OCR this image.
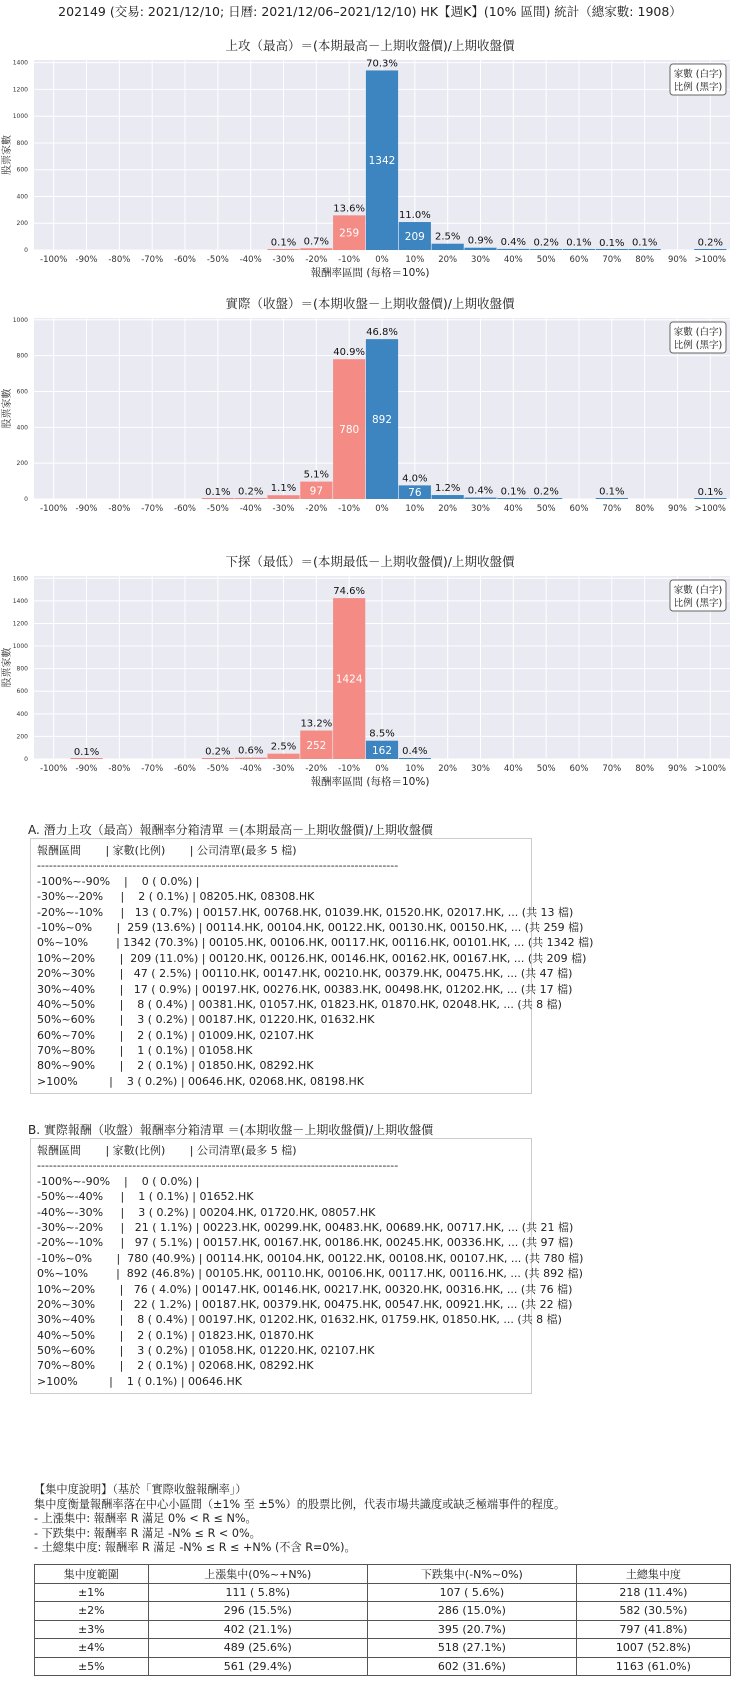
202149 (交易: 2021/12/10; 日曆: 2021/12/06–2021/12/10) HK【週K】(10% 區間) 統計（總家數: 1908）
上攻（最高）＝(本期最高－上期收盤價)/上期收盤價
0
200
400
600
800
1000
1200
1400
-100% -90% -80% -70% -60% -50% -40%
0.1%
-30%
0.7%
-20%
259
13.6%
-10%
1342
70.3%
0%
209
11.0%
10%
2.5%
20%
0.9%
30%
0.4%
40%
0.2%
50%
0.1%
60%
0.1%
70%
0.1%
80% 90%
0.2%
>100%
股票家數
報酬率區間 (每格＝10%)
家數 (白字)
比例 (黑字)
實際（收盤）＝(本期收盤－上期收盤價)/上期收盤價
0
200
400
600
800
1000
-100% -90% -80% -70% -60%
0.1%
-50%
0.2%
-40%
1.1%
-30%
97
5.1%
-20%
780
40.9%
-10%
892
46.8%
0%
76
4.0%
10%
1.2%
20%
0.4%
30%
0.1%
40%
0.2%
50% 60%
0.1%
70% 80% 90%
0.1%
>100%
股票家數
家數 (白字)
比例 (黑字)
下探（最低）＝(本期最低－上期收盤價)/上期收盤價
0
200
400
600
800
1000
1200
1400
1600
-100%
0.1%
-90% -80% -70% -60%
0.2%
-50%
0.6%
-40%
2.5%
-30%
252
13.2%
-20%
1424
74.6%
-10%
162
8.5%
0%
0.4%
10% 20% 30% 40% 50% 60% 70% 80% 90% >100%
股票家數
報酬率區間 (每格＝10%)
家數 (白字)
比例 (黑字)
A. 潛力上攻（最高）報酬率分箱清單 ＝(本期最高－上期收盤價)/上期收盤價
報酬區間       | 家數(比例)       | 公司清單(最多 5 檔)
-------------------------------------------------------------------------------------------
-100%~-90%    |    0 ( 0.0%) |
-30%~-20%     |    2 ( 0.1%) | 08205.HK, 08308.HK
-20%~-10%     |   13 ( 0.7%) | 00157.HK, 00768.HK, 01039.HK, 01520.HK, 02017.HK, ... (共 13 檔)
-10%~0%       |  259 (13.6%) | 00114.HK, 00104.HK, 00122.HK, 00130.HK, 00150.HK, ... (共 259 檔)
0%~10%        | 1342 (70.3%) | 00105.HK, 00106.HK, 00117.HK, 00116.HK, 00101.HK, ... (共 1342 檔)
10%~20%       |  209 (11.0%) | 00120.HK, 00126.HK, 00146.HK, 00162.HK, 00167.HK, ... (共 209 檔)
20%~30%       |   47 ( 2.5%) | 00110.HK, 00147.HK, 00210.HK, 00379.HK, 00475.HK, ... (共 47 檔)
30%~40%       |   17 ( 0.9%) | 00197.HK, 00276.HK, 00383.HK, 00498.HK, 01202.HK, ... (共 17 檔)
40%~50%       |    8 ( 0.4%) | 00381.HK, 01057.HK, 01823.HK, 01870.HK, 02048.HK, ... (共 8 檔)
50%~60%       |    3 ( 0.2%) | 00187.HK, 01220.HK, 01632.HK
60%~70%       |    2 ( 0.1%) | 01009.HK, 02107.HK
70%~80%       |    1 ( 0.1%) | 01058.HK
80%~90%       |    2 ( 0.1%) | 01850.HK, 08292.HK
>100%         |    3 ( 0.2%) | 00646.HK, 02068.HK, 08198.HK
B. 實際報酬（收盤）報酬率分箱清單 ＝(本期收盤－上期收盤價)/上期收盤價
報酬區間       | 家數(比例)       | 公司清單(最多 5 檔)
-------------------------------------------------------------------------------------------
-100%~-90%    |    0 ( 0.0%) |
-50%~-40%     |    1 ( 0.1%) | 01652.HK
-40%~-30%     |    3 ( 0.2%) | 00204.HK, 01720.HK, 08057.HK
-30%~-20%     |   21 ( 1.1%) | 00223.HK, 00299.HK, 00483.HK, 00689.HK, 00717.HK, ... (共 21 檔)
-20%~-10%     |   97 ( 5.1%) | 00157.HK, 00167.HK, 00186.HK, 00245.HK, 00336.HK, ... (共 97 檔)
-10%~0%       |  780 (40.9%) | 00114.HK, 00104.HK, 00122.HK, 00108.HK, 00107.HK, ... (共 780 檔)
0%~10%        |  892 (46.8%) | 00105.HK, 00110.HK, 00106.HK, 00117.HK, 00116.HK, ... (共 892 檔)
10%~20%       |   76 ( 4.0%) | 00147.HK, 00146.HK, 00217.HK, 00320.HK, 00316.HK, ... (共 76 檔)
20%~30%       |   22 ( 1.2%) | 00187.HK, 00379.HK, 00475.HK, 00547.HK, 00921.HK, ... (共 22 檔)
30%~40%       |    8 ( 0.4%) | 00197.HK, 01202.HK, 01632.HK, 01759.HK, 01850.HK, ... (共 8 檔)
40%~50%       |    2 ( 0.1%) | 01823.HK, 01870.HK
50%~60%       |    3 ( 0.2%) | 01058.HK, 01220.HK, 02107.HK
70%~80%       |    2 ( 0.1%) | 02068.HK, 08292.HK
>100%         |    1 ( 0.1%) | 00646.HK
【集中度說明】（基於「實際收盤報酬率」）
集中度衡量報酬率落在中心小區間（±1% 至 ±5%）的股票比例，代表市場共識度或缺乏極端事件的程度。
- 上漲集中: 報酬率 R 滿足 0% < R ≤ N%。
- 下跌集中: 報酬率 R 滿足 -N% ≤ R < 0%。
- 土總集中度: 報酬率 R 滿足 -N% ≤ R ≤ +N% (不含 R=0%)。
集中度範圍	上漲集中(0%~+N%)	下跌集中(-N%~0%)	土總集中度
±1%	111 ( 5.8%)	107 ( 5.6%)	218 (11.4%)
±2%	296 (15.5%)	286 (15.0%)	582 (30.5%)
±3%	402 (21.1%)	395 (20.7%)	797 (41.8%)
±4%	489 (25.6%)	518 (27.1%)	1007 (52.8%)
±5%	561 (29.4%)	602 (31.6%)	1163 (61.0%)
